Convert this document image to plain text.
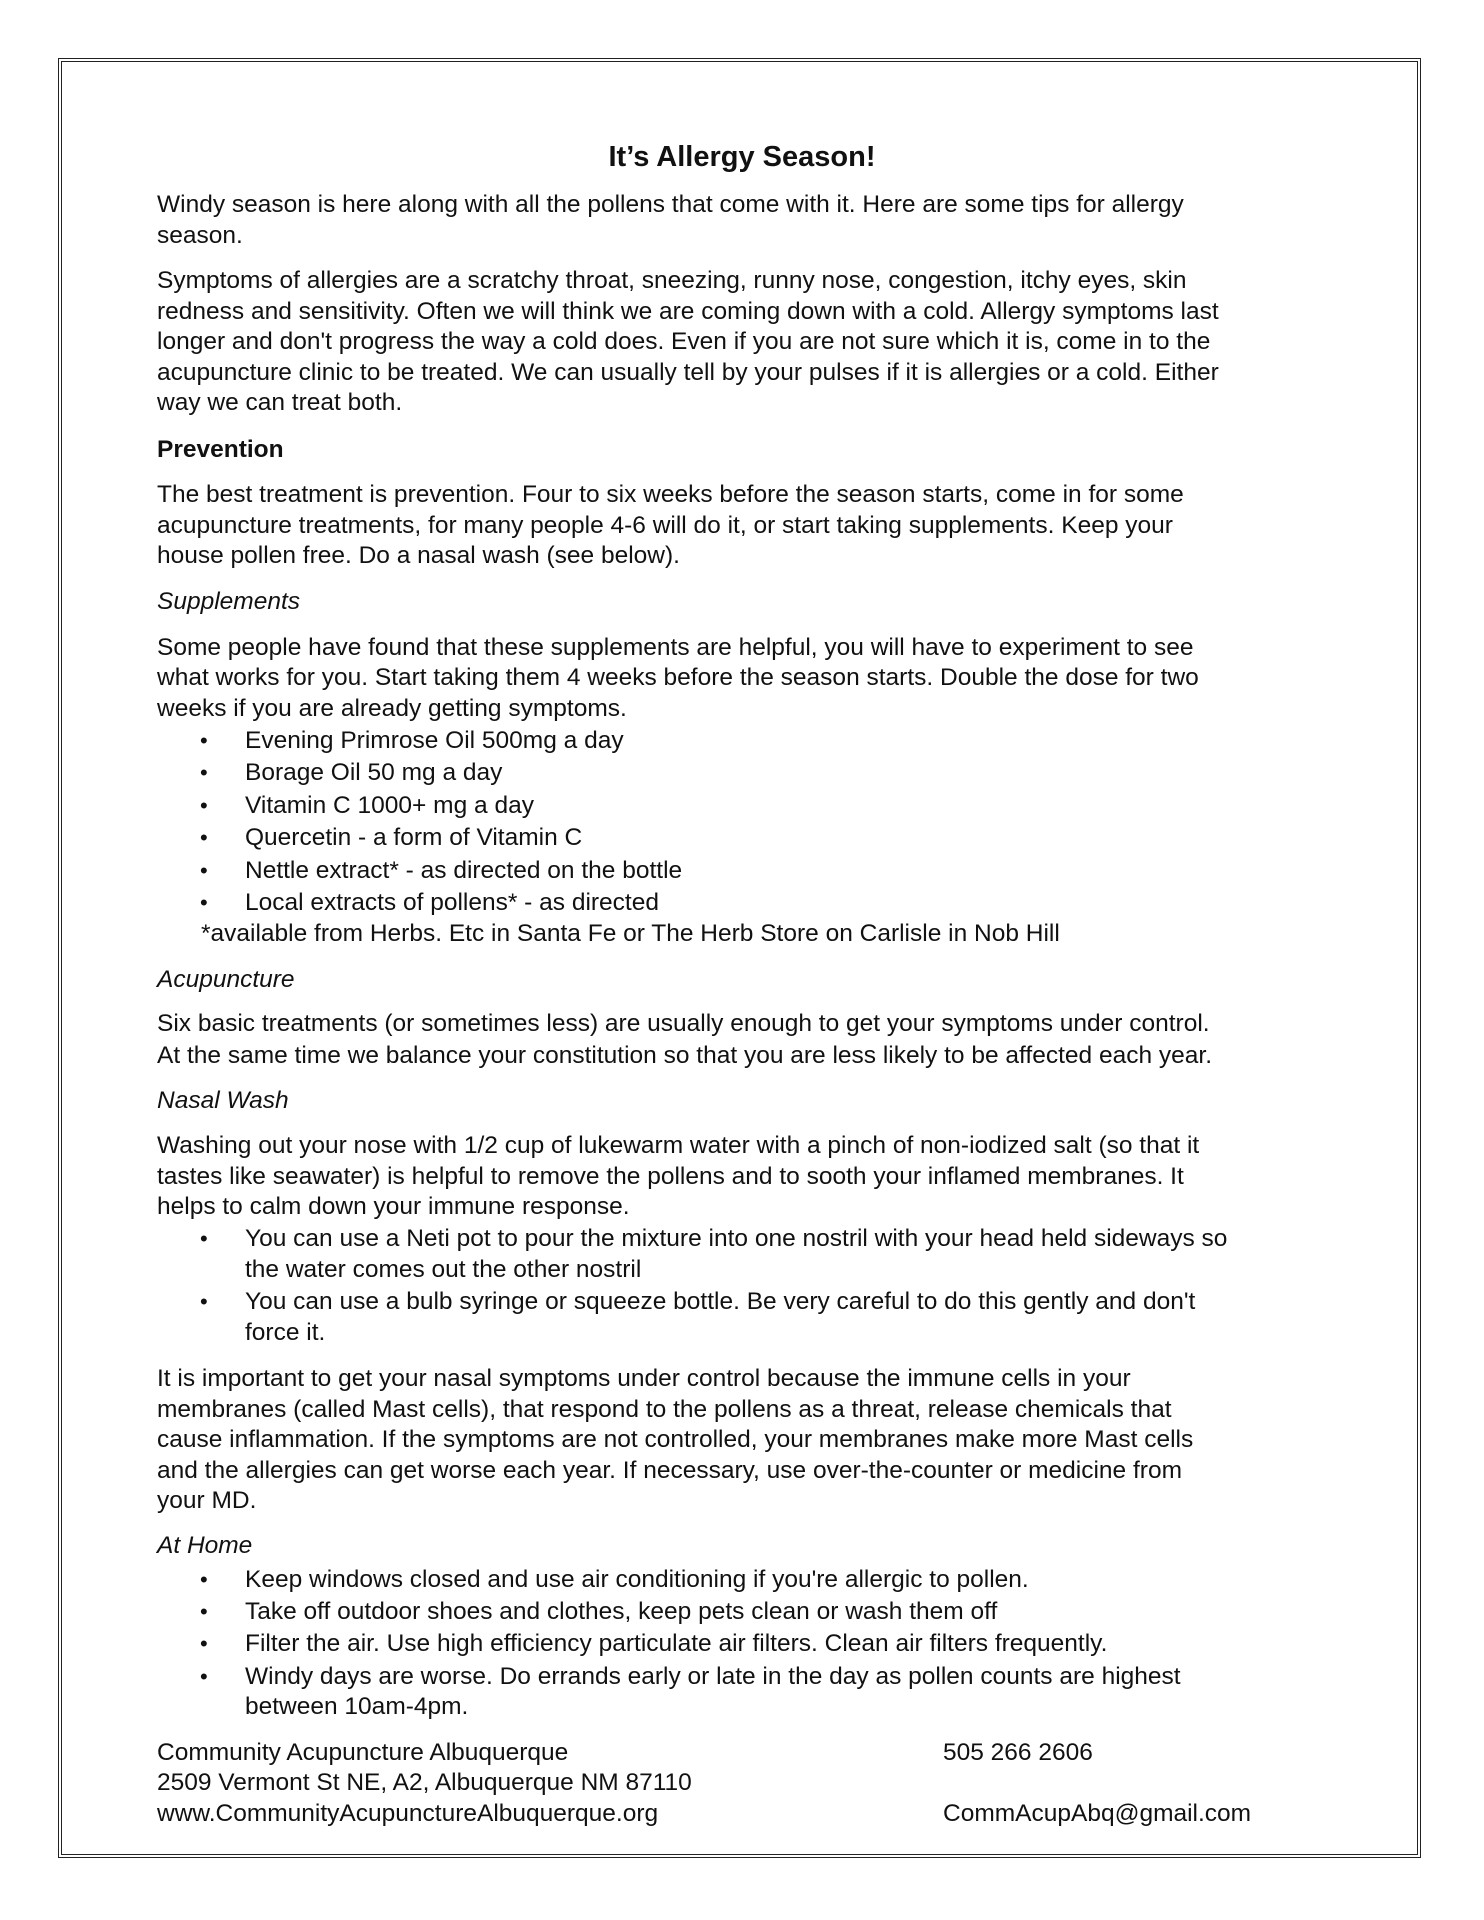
It’s Allergy Season!
Windy season is here along with all the pollens that come with it. Here are some tips for allergy
season.
Symptoms of allergies are a scratchy throat, sneezing, runny nose, congestion, itchy eyes, skin
redness and sensitivity. Often we will think we are coming down with a cold. Allergy symptoms last
longer and don't progress the way a cold does. Even if you are not sure which it is, come in to the
acupuncture clinic to be treated. We can usually tell by your pulses if it is allergies or a cold. Either
way we can treat both.
Prevention
The best treatment is prevention. Four to six weeks before the season starts, come in for some
acupuncture treatments, for many people 4-6 will do it, or start taking supplements. Keep your
house pollen free. Do a nasal wash (see below).
Supplements
Some people have found that these supplements are helpful, you will have to experiment to see
what works for you. Start taking them 4 weeks before the season starts. Double the dose for two
weeks if you are already getting symptoms.
• Evening Primrose Oil 500mg a day
• Borage Oil 50 mg a day
• Vitamin C 1000+ mg a day
• Quercetin - a form of Vitamin C
• Nettle extract* - as directed on the bottle
• Local extracts of pollens* - as directed
*available from Herbs. Etc in Santa Fe or The Herb Store on Carlisle in Nob Hill
Acupuncture
Six basic treatments (or sometimes less) are usually enough to get your symptoms under control.
At the same time we balance your constitution so that you are less likely to be affected each year.
Nasal Wash
Washing out your nose with 1/2 cup of lukewarm water with a pinch of non-iodized salt (so that it
tastes like seawater) is helpful to remove the pollens and to sooth your inflamed membranes. It
helps to calm down your immune response.
• You can use a Neti pot to pour the mixture into one nostril with your head held sideways so
the water comes out the other nostril
• You can use a bulb syringe or squeeze bottle. Be very careful to do this gently and don't
force it.
It is important to get your nasal symptoms under control because the immune cells in your
membranes (called Mast cells), that respond to the pollens as a threat, release chemicals that
cause inflammation. If the symptoms are not controlled, your membranes make more Mast cells
and the allergies can get worse each year. If necessary, use over-the-counter or medicine from
your MD.
At Home
• Keep windows closed and use air conditioning if you're allergic to pollen.
• Take off outdoor shoes and clothes, keep pets clean or wash them off
• Filter the air. Use high efficiency particulate air filters. Clean air filters frequently.
• Windy days are worse. Do errands early or late in the day as pollen counts are highest
between 10am-4pm.
Community Acupuncture Albuquerque	505 266 2606
2509 Vermont St NE, A2, Albuquerque NM 87110
www.CommunityAcupunctureAlbuquerque.org	CommAcupAbq@gmail.com
